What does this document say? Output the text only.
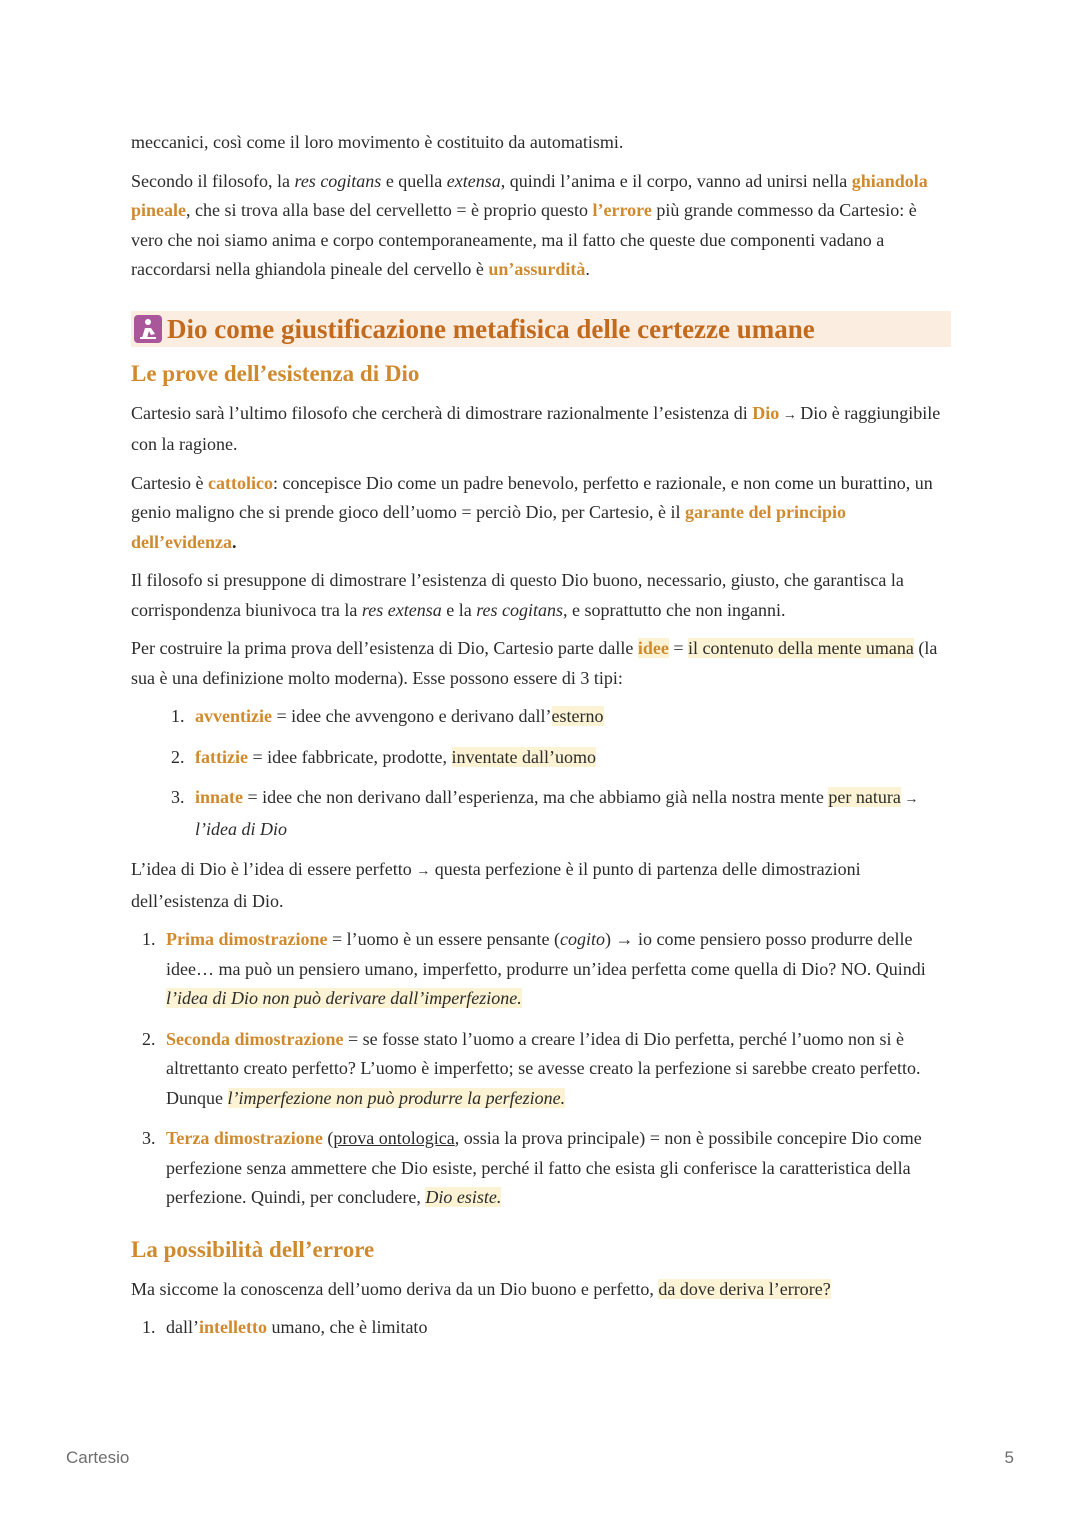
meccanici, così come il loro movimento è costituito da automatismi.

Secondo il filosofo, la res cogitans e quella extensa, quindi l’anima e il corpo, vanno ad unirsi nella ghiandola pineale, che si trova alla base del cervelletto = è proprio questo l’errore più grande commesso da Cartesio: è vero che noi siamo anima e corpo contemporaneamente, ma il fatto che queste due componenti vadano a raccordarsi nella ghiandola pineale del cervello è un’assurdità.

Dio come giustificazione metafisica delle certezze umane
Le prove dell’esistenza di Dio

Cartesio sarà l’ultimo filosofo che cercherà di dimostrare razionalmente l’esistenza di Dio → Dio è raggiungibile con la ragione.

Cartesio è cattolico: concepisce Dio come un padre benevolo, perfetto e razionale, e non come un burattino, un genio maligno che si prende gioco dell’uomo = perciò Dio, per Cartesio, è il garante del principio dell’evidenza.

Il filosofo si presuppone di dimostrare l’esistenza di questo Dio buono, necessario, giusto, che garantisca la corrispondenza biunivoca tra la res extensa e la res cogitans, e soprattutto che non inganni.

Per costruire la prima prova dell’esistenza di Dio, Cartesio parte dalle idee = il contenuto della mente umana (la sua è una definizione molto moderna). Esse possono essere di 3 tipi:

1. avventizie = idee che avvengono e derivano dall’esterno
2. fattizie = idee fabbricate, prodotte, inventate dall’uomo
3. innate = idee che non derivano dall’esperienza, ma che abbiamo già nella nostra mente per natura → l’idea di Dio

L’idea di Dio è l’idea di essere perfetto → questa perfezione è il punto di partenza delle dimostrazioni dell’esistenza di Dio.

1. Prima dimostrazione = l’uomo è un essere pensante (cogito) → io come pensiero posso produrre delle idee… ma può un pensiero umano, imperfetto, produrre un’idea perfetta come quella di Dio? NO. Quindi l’idea di Dio non può derivare dall’imperfezione.
2. Seconda dimostrazione = se fosse stato l’uomo a creare l’idea di Dio perfetta, perché l’uomo non si è altrettanto creato perfetto? L’uomo è imperfetto; se avesse creato la perfezione si sarebbe creato perfetto. Dunque l’imperfezione non può produrre la perfezione.
3. Terza dimostrazione (prova ontologica, ossia la prova principale) = non è possibile concepire Dio come perfezione senza ammettere che Dio esiste, perché il fatto che esista gli conferisce la caratteristica della perfezione. Quindi, per concludere, Dio esiste.
La possibilità dell’errore

Ma siccome la conoscenza dell’uomo deriva da un Dio buono e perfetto, da dove deriva l’errore?

1. dall’intelletto umano, che è limitato
Cartesio	5
